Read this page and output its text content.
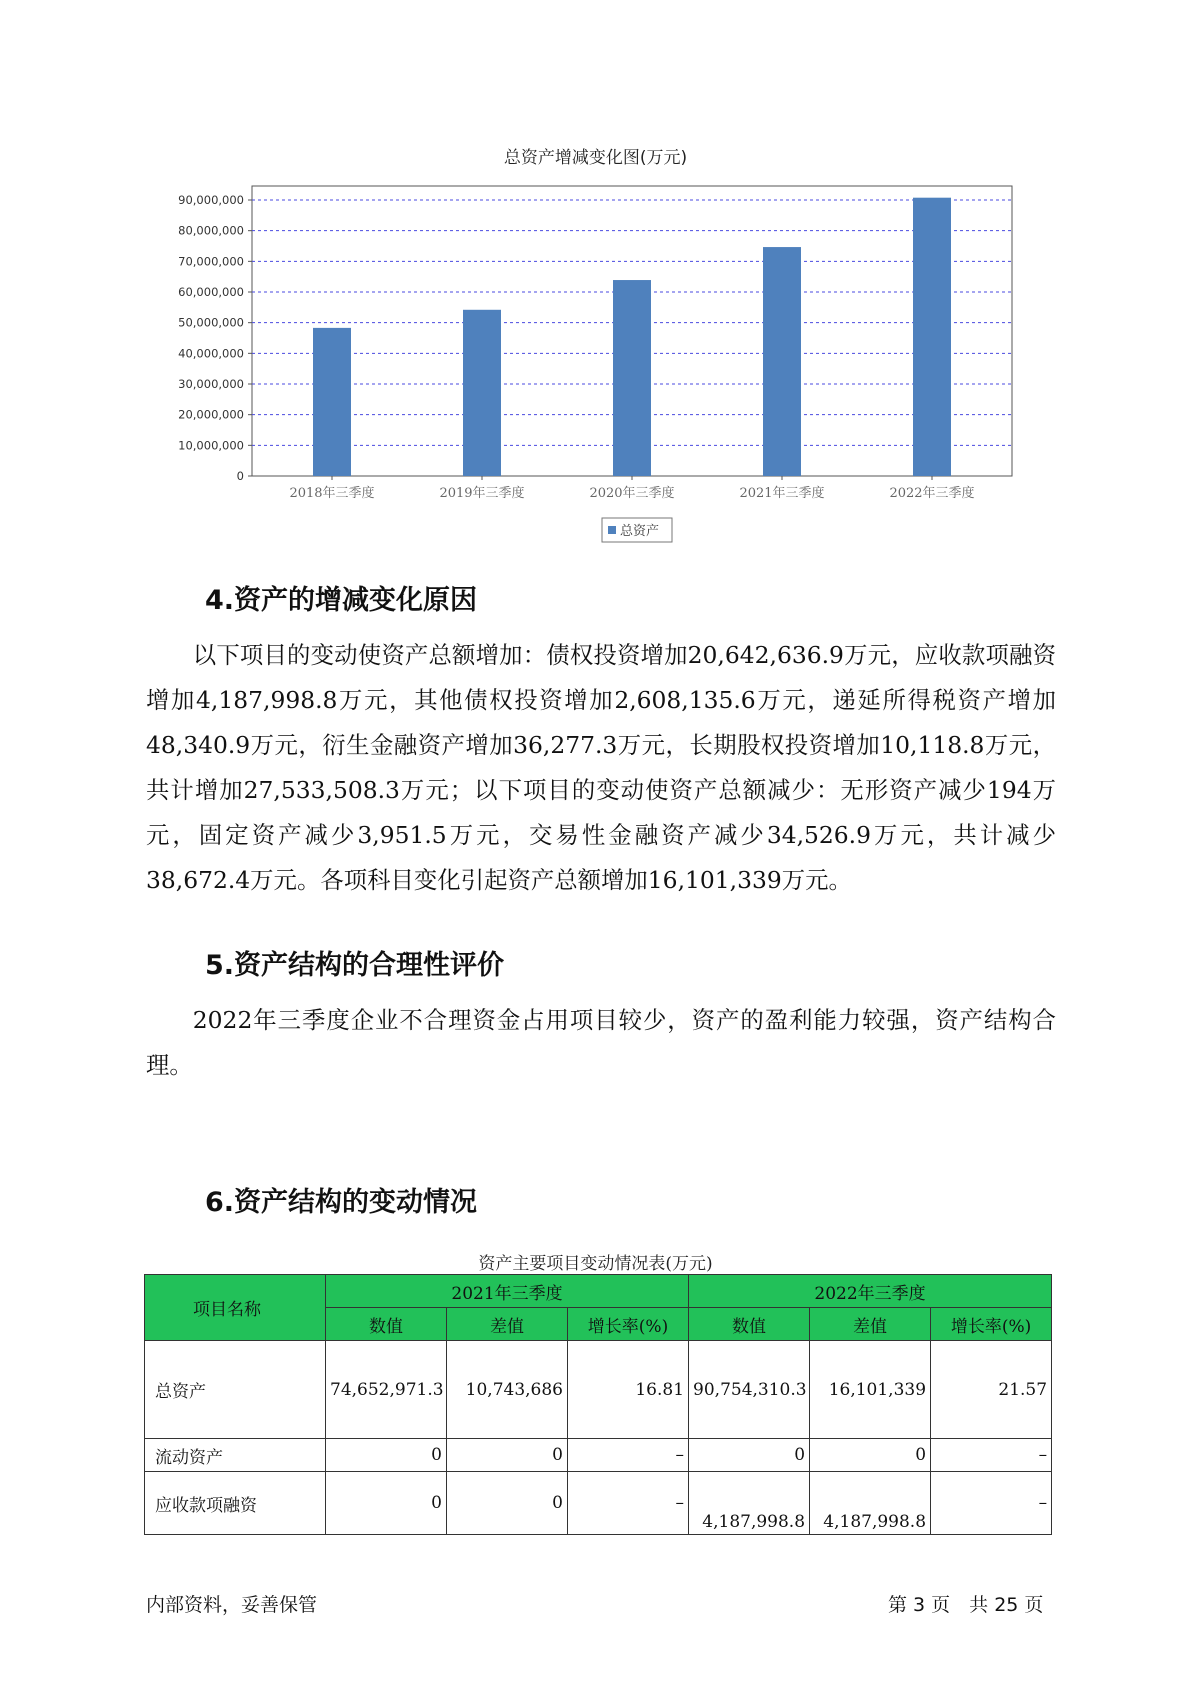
总资产增减变化图(万元)
0
10,000,000
20,000,000
30,000,000
40,000,000
50,000,000
60,000,000
70,000,000
80,000,000
90,000,000
2018年三季度	2019年三季度	2020年三季度	2021年三季度	2022年三季度
总资产
4.资产的增减变化原因

以下项目的变动使资产总额增加：债权投资增加20,642,636.9万元，应收款项融资增加4,187,998.8万元，其他债权投资增加2,608,135.6万元，递延所得税资产增加48,340.9万元，衍生金融资产增加36,277.3万元，长期股权投资增加10,118.8万元，共计增加27,533,508.3万元；以下项目的变动使资产总额减少：无形资产减少194万元，固定资产减少3,951.5万元，交易性金融资产减少34,526.9万元，共计减少38,672.4万元。各项科目变化引起资产总额增加16,101,339万元。

5.资产结构的合理性评价

2022年三季度企业不合理资金占用项目较少，资产的盈利能力较强，资产结构合理。

6.资产结构的变动情况
资产主要项目变动情况表(万元)
项目名称	2021年三季度			2022年三季度		
	数值	差值	增长率(%)	数值	差值	增长率(%)
总资产	74,652,971.3	10,743,686	16.81	90,754,310.3	16,101,339	21.57
流动资产	0	0	–	0	0	–
应收款项融资	0	0	–	4,187,998.8	4,187,998.8	–
内部资料，妥善保管	第 3 页　共 25 页
